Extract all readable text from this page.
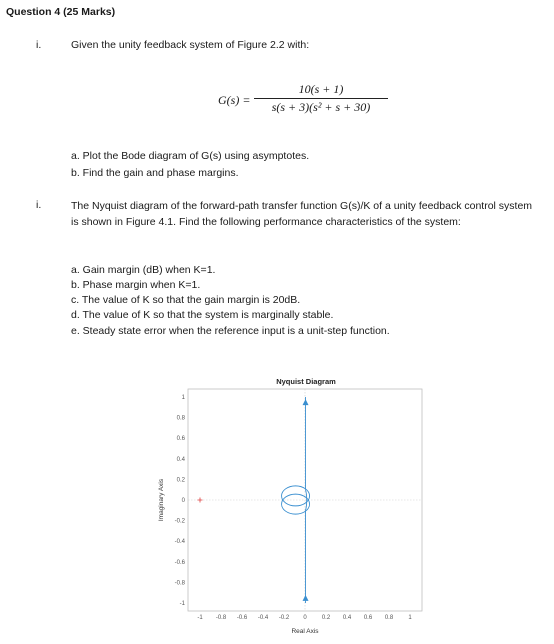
Question 4 (25 Marks)
i.	Given the unity feedback system of Figure 2.2 with:
G(s) =
10(s + 1)
s(s + 3)(s² + s + 30)
a. Plot the Bode diagram of G(s) using asymptotes.
b. Find the gain and phase margins.
i.	The Nyquist diagram of the forward-path transfer function G(s)/K of a unity feedback control system is shown in Figure 4.1. Find the following performance characteristics of the system:
a. Gain margin (dB) when K=1.
b. Phase margin when K=1.
c. The value of K so that the gain margin is 20dB.
d. The value of K so that the system is marginally stable.
e. Steady state error when the reference input is a unit-step function.
Nyquist Diagram
-1 -0.8 -0.6 -0.4 -0.2 0	0.2 0.4 0.6 0.8	1
1
0.8
0.6
0.4
0.2
0
-0.2
-0.4
-0.6
-0.8
-1
Real Axis
Imaginary Axis
